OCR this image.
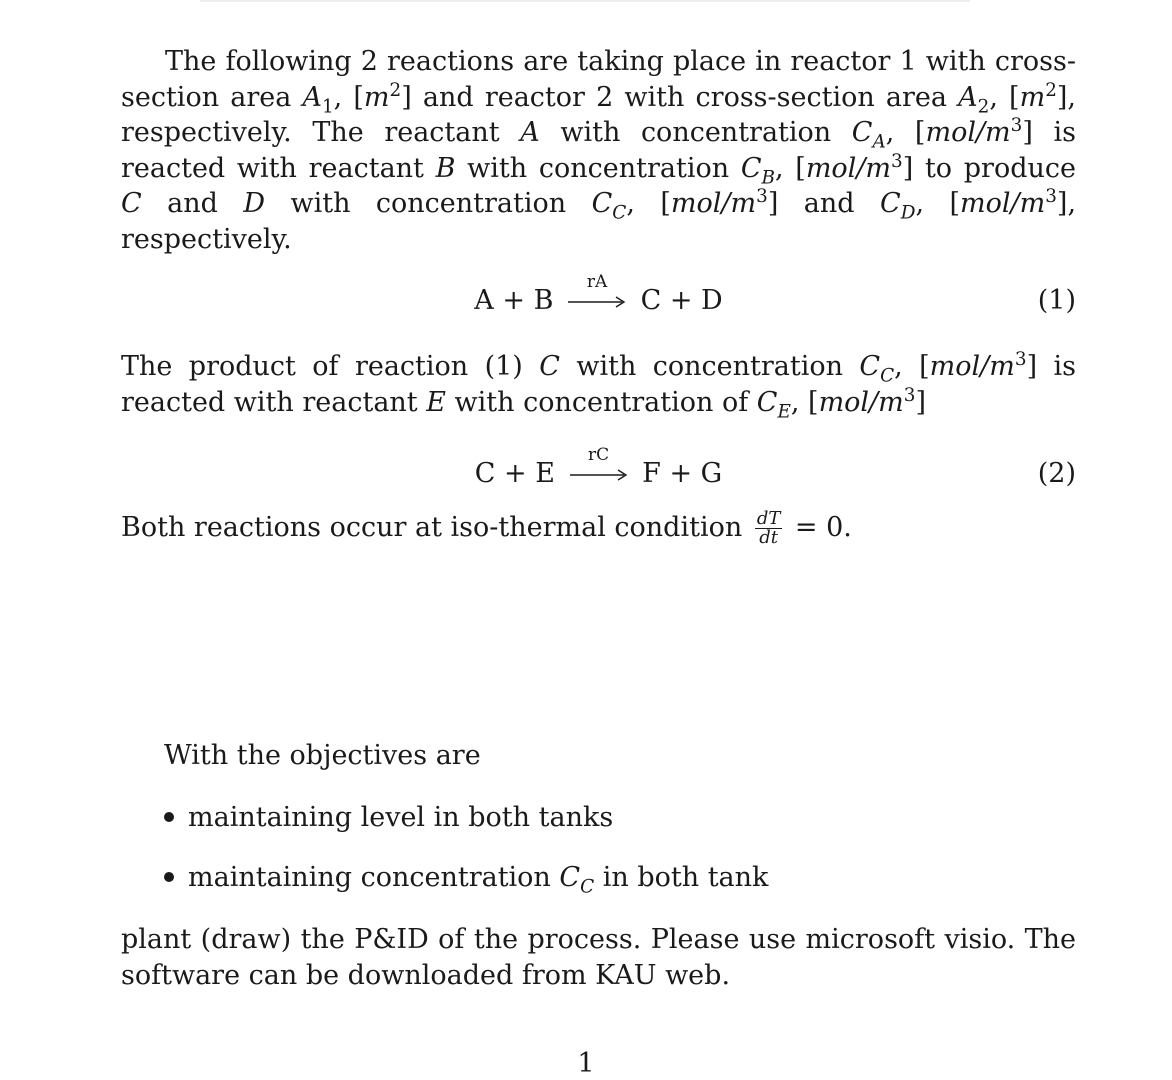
The following 2 reactions are taking place in reactor 1 with cross-section area $A_1$, $[m^2]$ and reactor 2 with cross-section area $A_2$, $[m^2]$, respectively. The reactant A with concentration $C_A$, $[mol/m^3]$ is reacted with reactant B with concentration $C_B$, $[mol/m^3]$ to produce C and D with concentration $C_C$, $[mol/m^3]$ and $C_D$, $[mol/m^3]$, respectively.

A + B
rA
C + D	(1)

The product of reaction (1) C with concentration $C_C$, $[mol/m^3]$ is reacted with reactant E with concentration of $C_E$, $[mol/m^3]$

C + E
rC
F + G	(2)

Both reactions occur at iso-thermal condition $\frac{dT}{dt} = 0$.

With the objectives are
maintaining level in both tanks
maintaining concentration $C_C$ in both tank

plant (draw) the P&ID of the process. Please use microsoft visio. The software can be downloaded from KAU web.

1
